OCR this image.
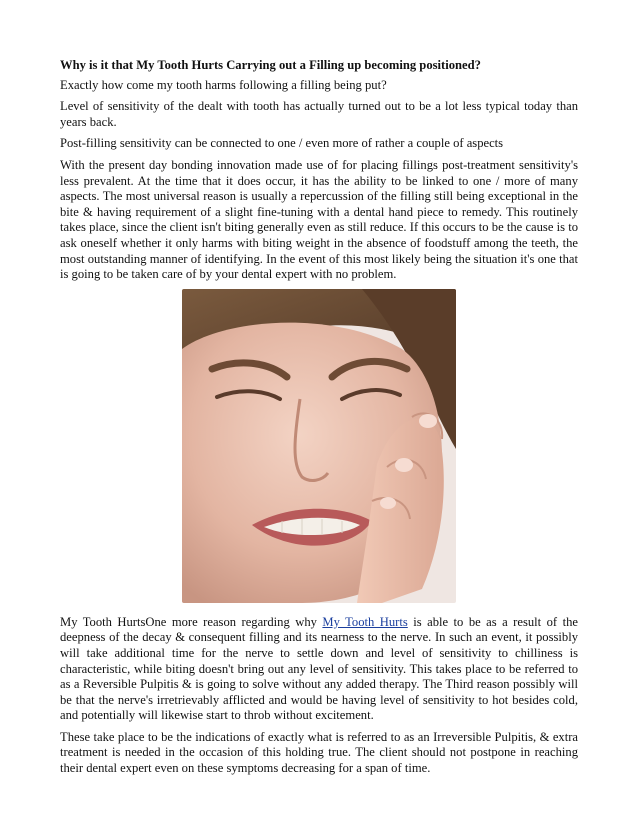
Why is it that My Tooth Hurts Carrying out a Filling up becoming positioned?

Exactly how come my tooth harms following a filling being put?

Level of sensitivity of the dealt with tooth has actually turned out to be a lot less typical today than years back.

Post-filling sensitivity can be connected to one / even more of rather a couple of aspects

With the present day bonding innovation made use of for placing fillings post-treatment sensitivity's less prevalent. At the time that it does occur, it has the ability to be linked to one / more of many aspects. The most universal reason is usually a repercussion of the filling still being exceptional in the bite & having requirement of a slight fine-tuning with a dental hand piece to remedy. This routinely takes place, since the client isn't biting generally even as still reduce. If this occurs to be the cause is to ask oneself whether it only harms with biting weight in the absence of foodstuff among the teeth, the most outstanding manner of identifying. In the event of this most likely being the situation it's one that is going to be taken care of by your dental expert with no problem.

My Tooth HurtsOne more reason regarding why My Tooth Hurts is able to be as a result of the deepness of the decay & consequent filling and its nearness to the nerve. In such an event, it possibly will take additional time for the nerve to settle down and level of sensitivity to chilliness is characteristic, while biting doesn't bring out any level of sensitivity. This takes place to be referred to as a Reversible Pulpitis & is going to solve without any added therapy. The Third reason possibly will be that the nerve's irretrievably afflicted and would be having level of sensitivity to hot besides cold, and potentially will likewise start to throb without excitement.

These take place to be the indications of exactly what is referred to as an Irreversible Pulpitis, & extra treatment is needed in the occasion of this holding true. The client should not postpone in reaching their dental expert even on these symptoms decreasing for a span of time.
